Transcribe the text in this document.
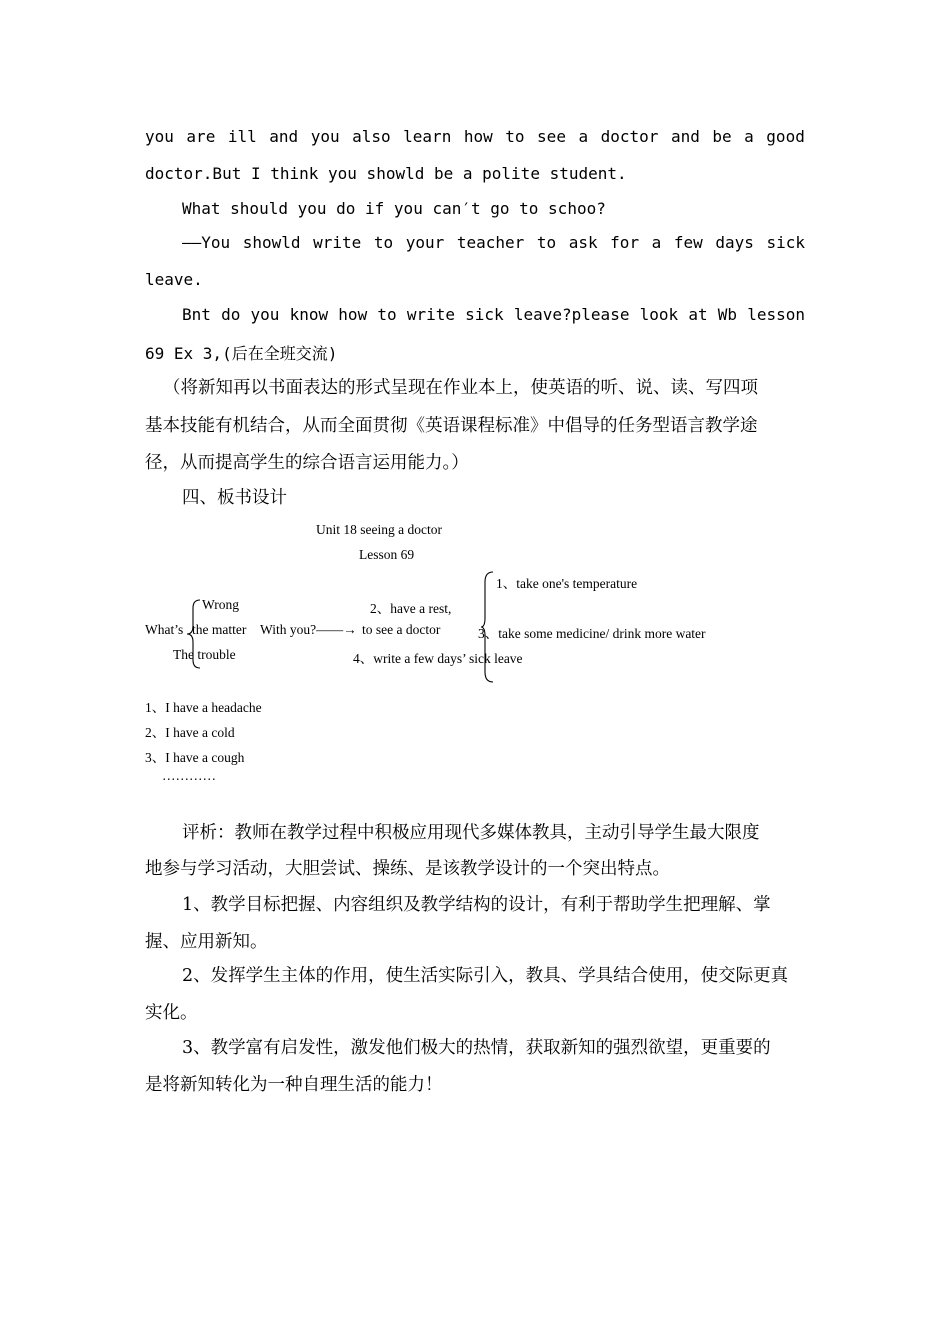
you are ill and you also learn how to see a doctor and be a good
doctor.But I think you showld be a polite student.
What should you do if you can′t go to schoo?
——You showld write to your teacher to ask for a few days sick
leave.
Bnt do you know how to write sick leave?please look at Wb lesson
69 Ex 3,(后在全班交流)
（将新知再以书面表达的形式呈现在作业本上，使英语的听、说、读、写四项
基本技能有机结合，从而全面贯彻《英语课程标准》中倡导的任务型语言教学途
径，从而提高学生的综合语言运用能力。）
四、板书设计
Unit 18 seeing a doctor
Lesson 69
1、take one's temperature
Wrong	2、have a rest,
What’s the matter With you?——→ to see a doctor	3、take some medicine/ drink more water
The trouble	4、write a few days’ sick leave
1、I have a headache
2、I have a cold
3、I have a cough
…………
评析：教师在教学过程中积极应用现代多媒体教具，主动引导学生最大限度
地参与学习活动，大胆尝试、操练、是该教学设计的一个突出特点。
1、教学目标把握、内容组织及教学结构的设计，有利于帮助学生把理解、掌
握、应用新知。
2、发挥学生主体的作用，使生活实际引入，教具、学具结合使用，使交际更真
实化。
3、教学富有启发性，激发他们极大的热情，获取新知的强烈欲望，更重要的
是将新知转化为一种自理生活的能力！
